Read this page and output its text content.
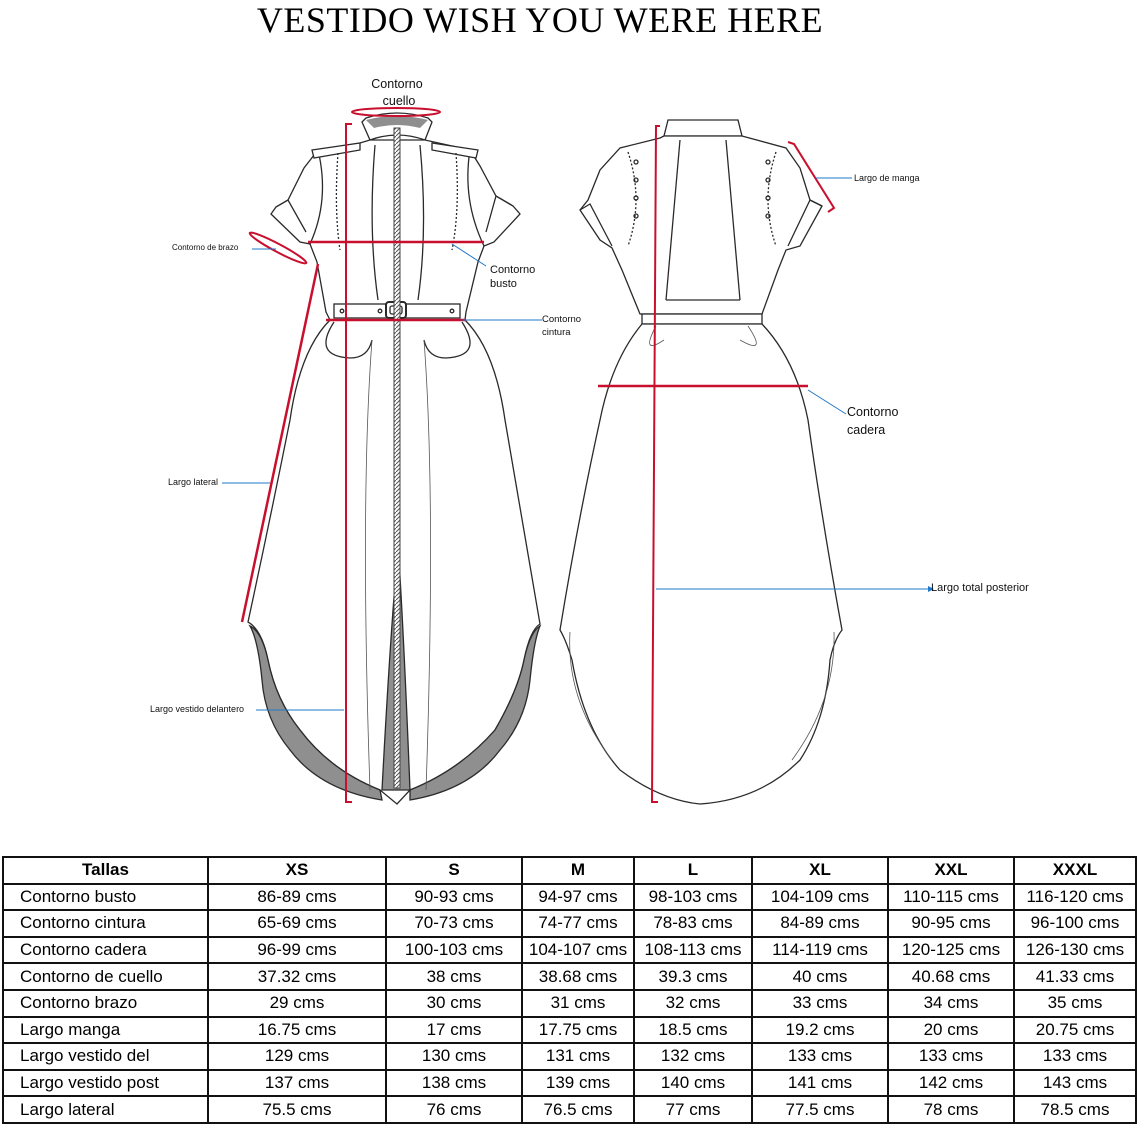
VESTIDO WISH YOU WERE HERE
Contorno
cuello
Contorno de brazo
Contorno
busto
Contorno
cintura
Largo lateral
Largo vestido delantero
Largo de manga
Contorno
cadera
Largo total posterior
Tallas	XS	S	M	L	XL	XXL	XXXL
Contorno busto	86-89 cms	90-93 cms	94-97 cms	98-103 cms	104-109 cms	110-115 cms	116-120 cms
Contorno cintura	65-69 cms	70-73 cms	74-77 cms	78-83 cms	84-89 cms	90-95 cms	96-100 cms
Contorno cadera	96-99 cms	100-103 cms	104-107 cms	108-113 cms	114-119 cms	120-125 cms	126-130 cms
Contorno de cuello	37.32 cms	38 cms	38.68 cms	39.3 cms	40 cms	40.68 cms	41.33 cms
Contorno brazo	29 cms	30 cms	31 cms	32 cms	33 cms	34 cms	35 cms
Largo manga	16.75 cms	17 cms	17.75 cms	18.5 cms	19.2 cms	20 cms	20.75 cms
Largo vestido del	129 cms	130 cms	131 cms	132 cms	133 cms	133 cms	133 cms
Largo vestido post	137 cms	138 cms	139 cms	140 cms	141 cms	142 cms	143 cms
Largo lateral	75.5 cms	76 cms	76.5 cms	77 cms	77.5 cms	78 cms	78.5 cms
